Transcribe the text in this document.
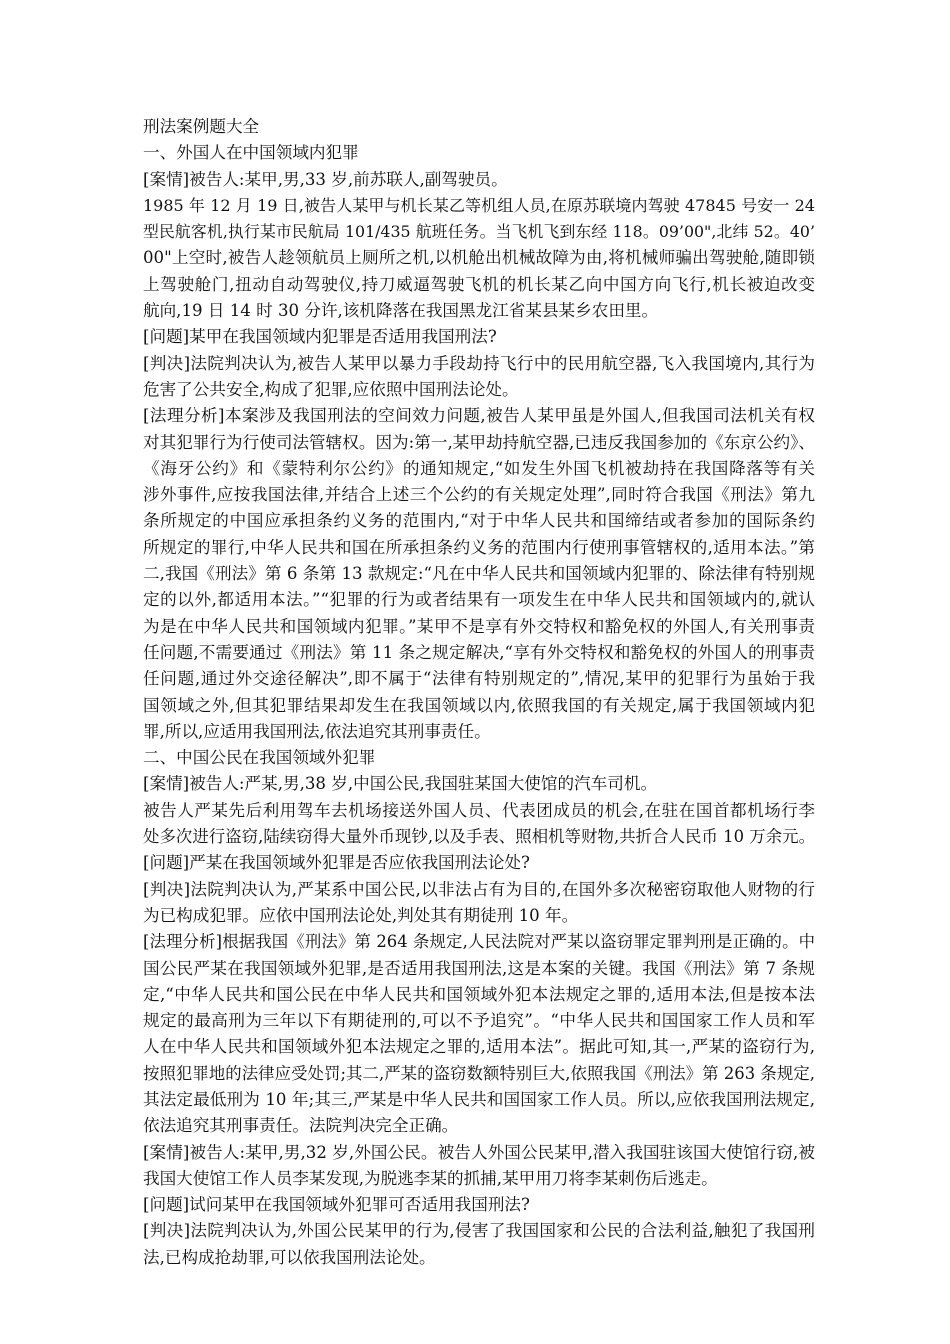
刑法案例题大全

一、外国人在中国领域内犯罪

[案情]被告人:某甲,男,33 岁,前苏联人,副驾驶员。

1985 年 12 月 19 日,被告人某甲与机长某乙等机组人员,在原苏联境内驾驶 47845 号安一 24

型民航客机,执行某市民航局 101/435 航班任务。当飞机飞到东经 118。09’00",北纬 52。40’

00"上空时,被告人趁领航员上厕所之机,以机舱出机械故障为由,将机械师骗出驾驶舱,随即锁

上驾驶舱门,扭动自动驾驶仪,持刀威逼驾驶飞机的机长某乙向中国方向飞行,机长被迫改变

航向,19 日 14 时 30 分许,该机降落在我国黑龙江省某县某乡农田里。

[问题]某甲在我国领域内犯罪是否适用我国刑法?

[判决]法院判决认为,被告人某甲以暴力手段劫持飞行中的民用航空器,飞入我国境内,其行为

危害了公共安全,构成了犯罪,应依照中国刑法论处。

[法理分析]本案涉及我国刑法的空间效力问题,被告人某甲虽是外国人,但我国司法机关有权

对其犯罪行为行使司法管辖权。因为:第一,某甲劫持航空器,已违反我国参加的《东京公约》、

《海牙公约》和《蒙特利尔公约》的通知规定,“如发生外国飞机被劫持在我国降落等有关

涉外事件,应按我国法律,并结合上述三个公约的有关规定处理”,同时符合我国《刑法》第九

条所规定的中国应承担条约义务的范围内,“对于中华人民共和国缔结或者参加的国际条约

所规定的罪行,中华人民共和国在所承担条约义务的范围内行使刑事管辖权的,适用本法。”第

二,我国《刑法》第 6 条第 13 款规定:“凡在中华人民共和国领域内犯罪的、除法律有特别规

定的以外,都适用本法。”“犯罪的行为或者结果有一项发生在中华人民共和国领域内的,就认

为是在中华人民共和国领域内犯罪。”某甲不是享有外交特权和豁免权的外国人,有关刑事责

任问题,不需要通过《刑法》第 11 条之规定解决,“享有外交特权和豁免权的外国人的刑事责

任问题,通过外交途径解决”,即不属于“法律有特别规定的”,情况,某甲的犯罪行为虽始于我

国领域之外,但其犯罪结果却发生在我国领域以内,依照我国的有关规定,属于我国领域内犯

罪,所以,应适用我国刑法,依法追究其刑事责任。

二、中国公民在我国领域外犯罪

[案情]被告人:严某,男,38 岁,中国公民,我国驻某国大使馆的汽车司机。

被告人严某先后利用驾车去机场接送外国人员、代表团成员的机会,在驻在国首都机场行李

处多次进行盗窃,陆续窃得大量外币现钞,以及手表、照相机等财物,共折合人民币 10 万余元。

[问题]严某在我国领域外犯罪是否应依我国刑法论处?

[判决]法院判决认为,严某系中国公民,以非法占有为目的,在国外多次秘密窃取他人财物的行

为已构成犯罪。应依中国刑法论处,判处其有期徒刑 10 年。

[法理分析]根据我国《刑法》第 264 条规定,人民法院对严某以盗窃罪定罪判刑是正确的。中

国公民严某在我国领域外犯罪,是否适用我国刑法,这是本案的关键。我国《刑法》第 7 条规

定,“中华人民共和国公民在中华人民共和国领域外犯本法规定之罪的,适用本法,但是按本法

规定的最高刑为三年以下有期徒刑的,可以不予追究”。“中华人民共和国国家工作人员和军

人在中华人民共和国领域外犯本法规定之罪的,适用本法”。据此可知,其一,严某的盗窃行为,

按照犯罪地的法律应受处罚;其二,严某的盗窃数额特别巨大,依照我国《刑法》第 263 条规定,

其法定最低刑为 10 年;其三,严某是中华人民共和国国家工作人员。所以,应依我国刑法规定,

依法追究其刑事责任。法院判决完全正确。

[案情]被告人:某甲,男,32 岁,外国公民。被告人外国公民某甲,潜入我国驻该国大使馆行窃,被

我国大使馆工作人员李某发现,为脱逃李某的抓捕,某甲用刀将李某刺伤后逃走。

[问题]试问某甲在我国领域外犯罪可否适用我国刑法?

[判决]法院判决认为,外国公民某甲的行为,侵害了我国国家和公民的合法利益,触犯了我国刑

法,已构成抢劫罪,可以依我国刑法论处。
